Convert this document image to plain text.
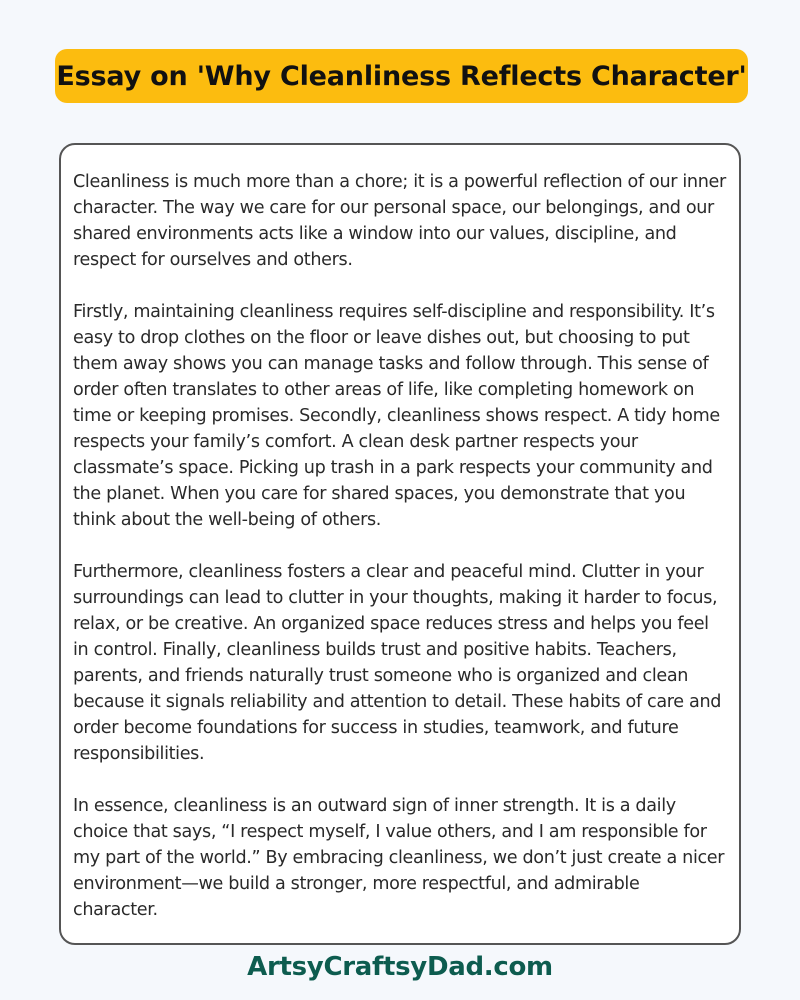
Essay on 'Why Cleanliness Reflects Character'

Cleanliness is much more than a chore; it is a powerful reflection of our inner character. The way we care for our personal space, our belongings, and our shared environments acts like a window into our values, discipline, and respect for ourselves and others.

Firstly, maintaining cleanliness requires self-discipline and responsibility. It’s easy to drop clothes on the floor or leave dishes out, but choosing to put them away shows you can manage tasks and follow through. This sense of order often translates to other areas of life, like completing homework on time or keeping promises. Secondly, cleanliness shows respect. A tidy home respects your family’s comfort. A clean desk partner respects your classmate’s space. Picking up trash in a park respects your community and the planet. When you care for shared spaces, you demonstrate that you think about the well-being of others.

Furthermore, cleanliness fosters a clear and peaceful mind. Clutter in your surroundings can lead to clutter in your thoughts, making it harder to focus, relax, or be creative. An organized space reduces stress and helps you feel in control. Finally, cleanliness builds trust and positive habits. Teachers, parents, and friends naturally trust someone who is organized and clean because it signals reliability and attention to detail. These habits of care and order become foundations for success in studies, teamwork, and future responsibilities.

In essence, cleanliness is an outward sign of inner strength. It is a daily choice that says, “I respect myself, I value others, and I am responsible for my part of the world.” By embracing cleanliness, we don’t just create a nicer environment—we build a stronger, more respectful, and admirable character.

ArtsyCraftsyDad.com
